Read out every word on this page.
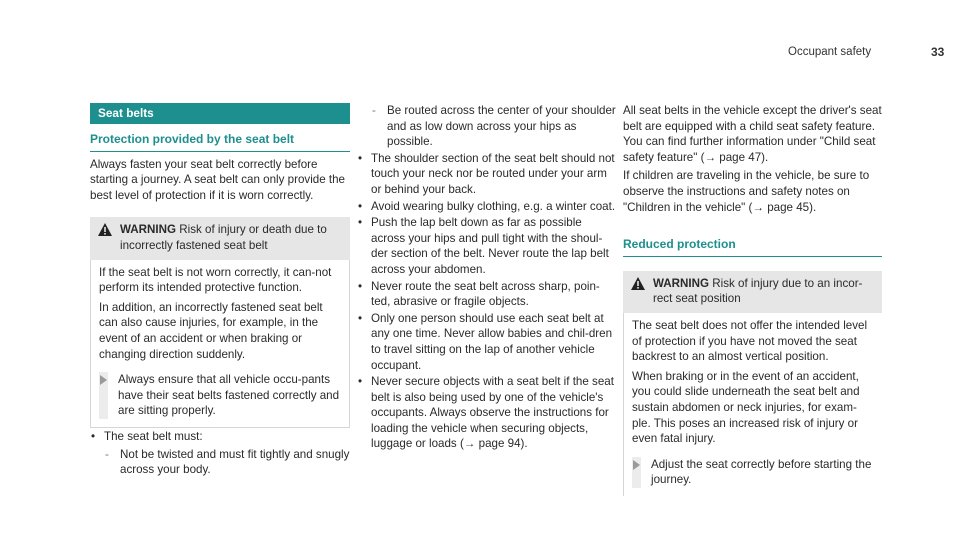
Occupant safety	33
Seat belts
Protection provided by the seat belt

Always fasten your seat belt correctly before starting a journey. A seat belt can only provide the best level of protection if it is worn correctly.

WARNING Risk of injury or death due to incorrectly fastened seat belt

If the seat belt is not worn correctly, it can-not perform its intended protective function.

In addition, an incorrectly fastened seat belt can also cause injuries, for example, in the event of an accident or when braking or changing direction suddenly.

Always ensure that all vehicle occu-pants have their seat belts fastened correctly and are sitting properly.

• The seat belt must:
- Not be twisted and must fit tightly and snugly across your body.
- Be routed across the center of your shoulder and as low down across your hips as possible.
• The shoulder section of the seat belt should not touch your neck nor be routed under your arm or behind your back.
• Avoid wearing bulky clothing, e.g. a winter coat.
• Push the lap belt down as far as possible across your hips and pull tight with the shoul-der section of the belt. Never route the lap belt across your abdomen.
• Never route the seat belt across sharp, poin-ted, abrasive or fragile objects.
• Only one person should use each seat belt at any one time. Never allow babies and chil-dren to travel sitting on the lap of another vehicle occupant.
• Never secure objects with a seat belt if the seat belt is also being used by one of the vehicle's occupants. Always observe the instructions for loading the vehicle when securing objects, luggage or loads (→ page 94).

All seat belts in the vehicle except the driver's seat belt are equipped with a child seat safety feature. You can find further information under "Child seat safety feature" (→ page 47).

If children are traveling in the vehicle, be sure to observe the instructions and safety notes on "Children in the vehicle" (→ page 45).

Reduced protection
WARNING Risk of injury due to an incor-rect seat position

The seat belt does not offer the intended level of protection if you have not moved the seat backrest to an almost vertical position.

When braking or in the event of an accident, you could slide underneath the seat belt and sustain abdomen or neck injuries, for exam-ple. This poses an increased risk of injury or even fatal injury.

Adjust the seat correctly before starting the journey.
